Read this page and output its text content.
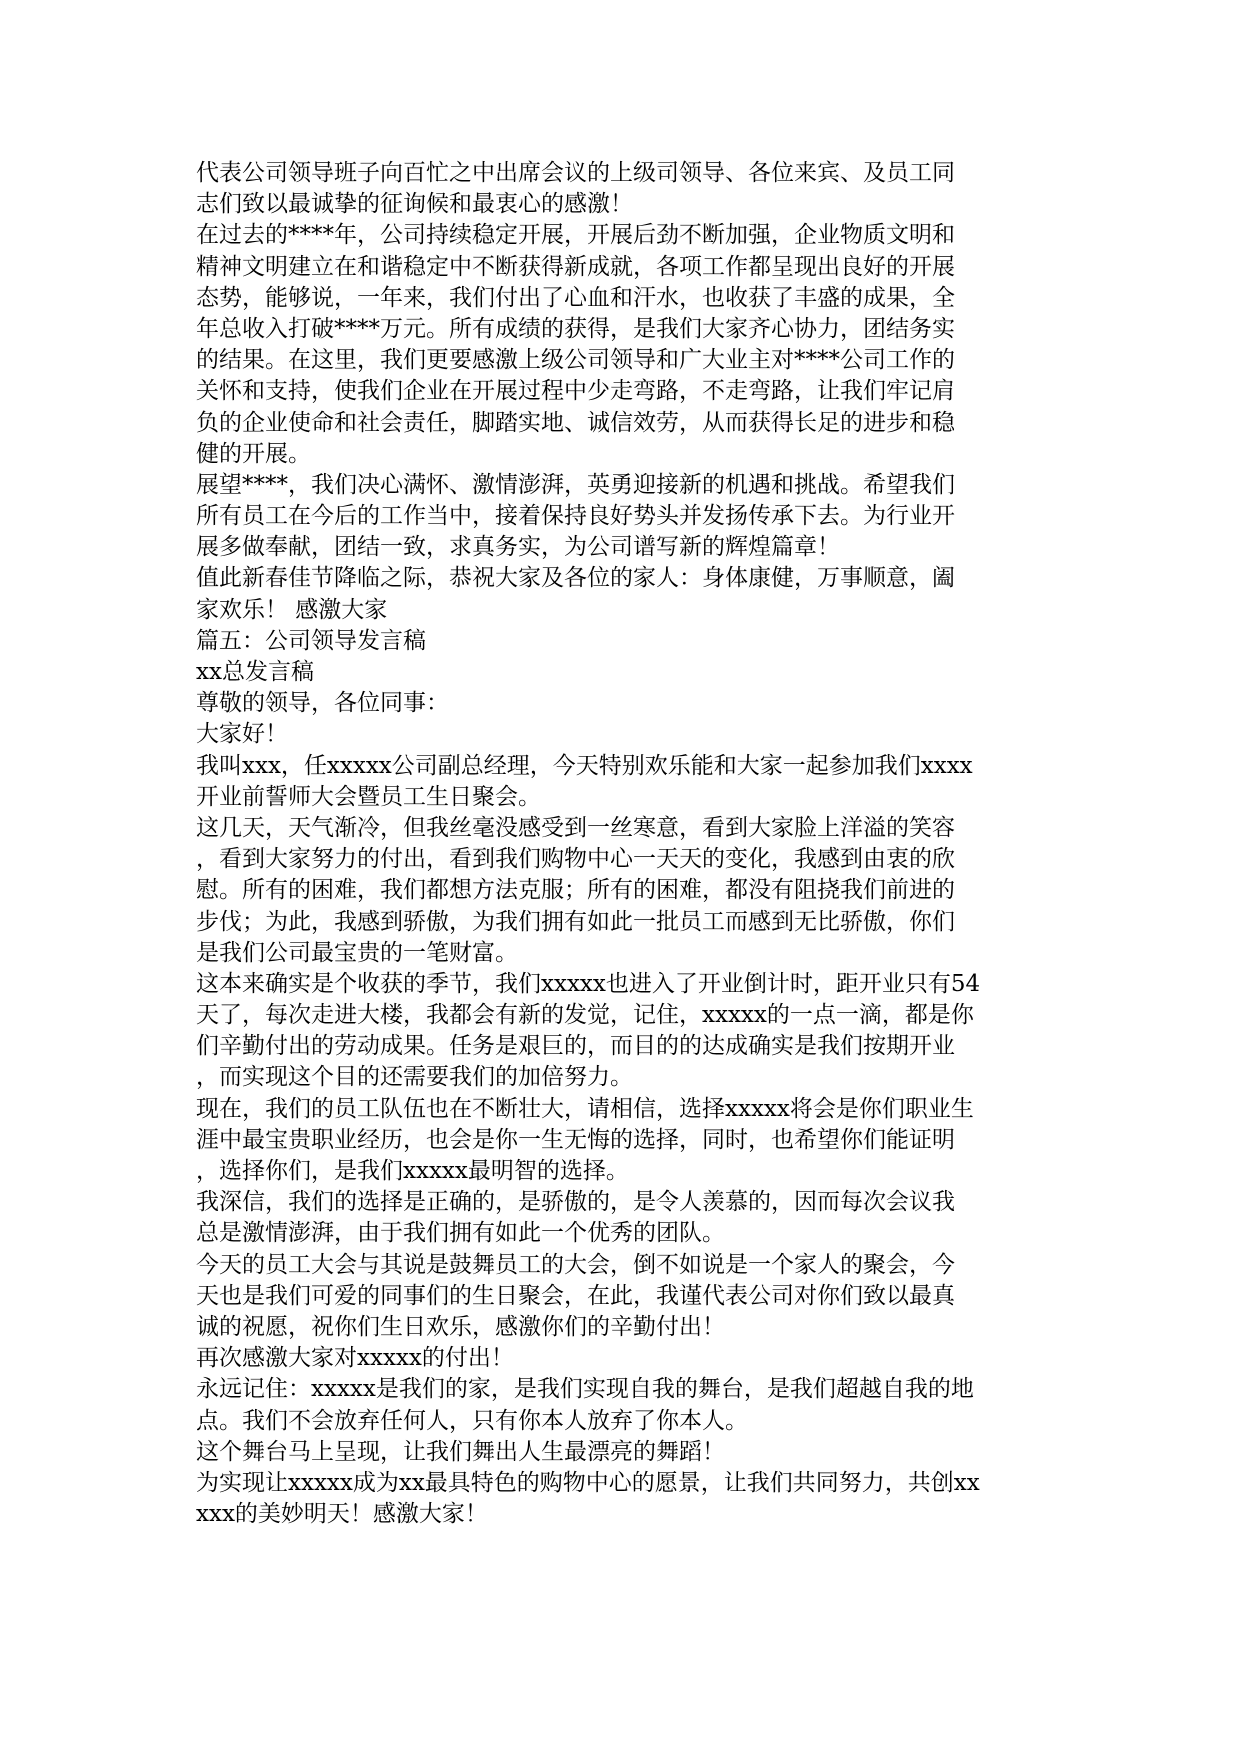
代表公司领导班子向百忙之中出席会议的上级司领导、各位来宾、及员工同
志们致以最诚挚的征询候和最衷心的感激！
在过去的****年，公司持续稳定开展，开展后劲不断加强，企业物质文明和
精神文明建立在和谐稳定中不断获得新成就，各项工作都呈现出良好的开展
态势，能够说，一年来，我们付出了心血和汗水，也收获了丰盛的成果，全
年总收入打破****万元。所有成绩的获得，是我们大家齐心协力，团结务实
的结果。在这里，我们更要感激上级公司领导和广大业主对****公司工作的
关怀和支持，使我们企业在开展过程中少走弯路，不走弯路，让我们牢记肩
负的企业使命和社会责任，脚踏实地、诚信效劳，从而获得长足的进步和稳
健的开展。
展望****，我们决心满怀、激情澎湃，英勇迎接新的机遇和挑战。希望我们
所有员工在今后的工作当中，接着保持良好势头并发扬传承下去。为行业开
展多做奉献，团结一致，求真务实，为公司谱写新的辉煌篇章！
值此新春佳节降临之际，恭祝大家及各位的家人：身体康健，万事顺意，阖
家欢乐！ 感激大家
篇五：公司领导发言稿
xx总发言稿
尊敬的领导，各位同事：
大家好！
我叫xxx，任xxxxx公司副总经理，今天特别欢乐能和大家一起参加我们xxxx
开业前誓师大会暨员工生日聚会。
这几天，天气渐冷，但我丝毫没感受到一丝寒意，看到大家脸上洋溢的笑容
，看到大家努力的付出，看到我们购物中心一天天的变化，我感到由衷的欣
慰。所有的困难，我们都想方法克服；所有的困难，都没有阻挠我们前进的
步伐；为此，我感到骄傲，为我们拥有如此一批员工而感到无比骄傲，你们
是我们公司最宝贵的一笔财富。
这本来确实是个收获的季节，我们xxxxx也进入了开业倒计时，距开业只有54
天了，每次走进大楼，我都会有新的发觉，记住，xxxxx的一点一滴，都是你
们辛勤付出的劳动成果。任务是艰巨的，而目的的达成确实是我们按期开业
，而实现这个目的还需要我们的加倍努力。
现在，我们的员工队伍也在不断壮大，请相信，选择xxxxx将会是你们职业生
涯中最宝贵职业经历，也会是你一生无悔的选择，同时，也希望你们能证明
，选择你们，是我们xxxxx最明智的选择。
我深信，我们的选择是正确的，是骄傲的，是令人羡慕的，因而每次会议我
总是激情澎湃，由于我们拥有如此一个优秀的团队。
今天的员工大会与其说是鼓舞员工的大会，倒不如说是一个家人的聚会，今
天也是我们可爱的同事们的生日聚会，在此，我谨代表公司对你们致以最真
诚的祝愿，祝你们生日欢乐，感激你们的辛勤付出！
再次感激大家对xxxxx的付出！
永远记住：xxxxx是我们的家，是我们实现自我的舞台，是我们超越自我的地
点。我们不会放弃任何人，只有你本人放弃了你本人。
这个舞台马上呈现，让我们舞出人生最漂亮的舞蹈！
为实现让xxxxx成为xx最具特色的购物中心的愿景，让我们共同努力，共创xx
xxx的美妙明天！感激大家！
